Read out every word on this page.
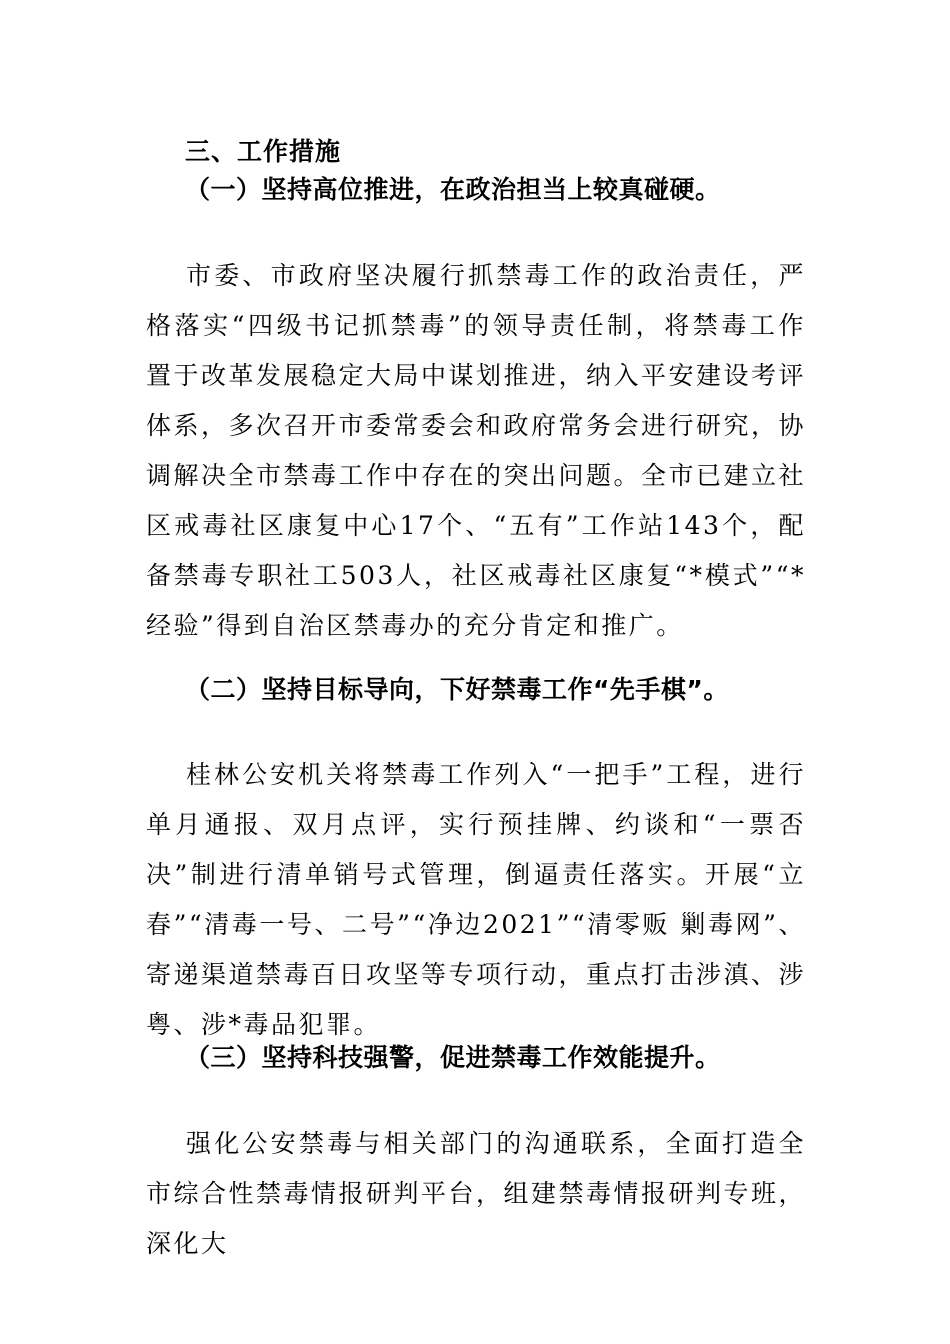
三、工作措施
（一）坚持高位推进，在政治担当上较真碰硬。

市委、市政府坚决履行抓禁毒工作的政治责任，严格落实“四级书记抓禁毒”的领导责任制，将禁毒工作置于改革发展稳定大局中谋划推进，纳入平安建设考评体系，多次召开市委常委会和政府常务会进行研究，协调解决全市禁毒工作中存在的突出问题。全市已建立社区戒毒社区康复中心17个、“五有”工作站143个，配备禁毒专职社工503人，社区戒毒社区康复“*模式”“*经验”得到自治区禁毒办的充分肯定和推广。

（二）坚持目标导向，下好禁毒工作“先手棋”。

桂林公安机关将禁毒工作列入“一把手”工程，进行单月通报、双月点评，实行预挂牌、约谈和“一票否决”制进行清单销号式管理，倒逼责任落实。开展“立春”“清毒一号、二号”“净边2021”“清零贩 剿毒网”、寄递渠道禁毒百日攻坚等专项行动，重点打击涉滇、涉粤、涉*毒品犯罪。

（三）坚持科技强警，促进禁毒工作效能提升。

强化公安禁毒与相关部门的沟通联系，全面打造全市综合性禁毒情报研判平台，组建禁毒情报研判专班，深化大
